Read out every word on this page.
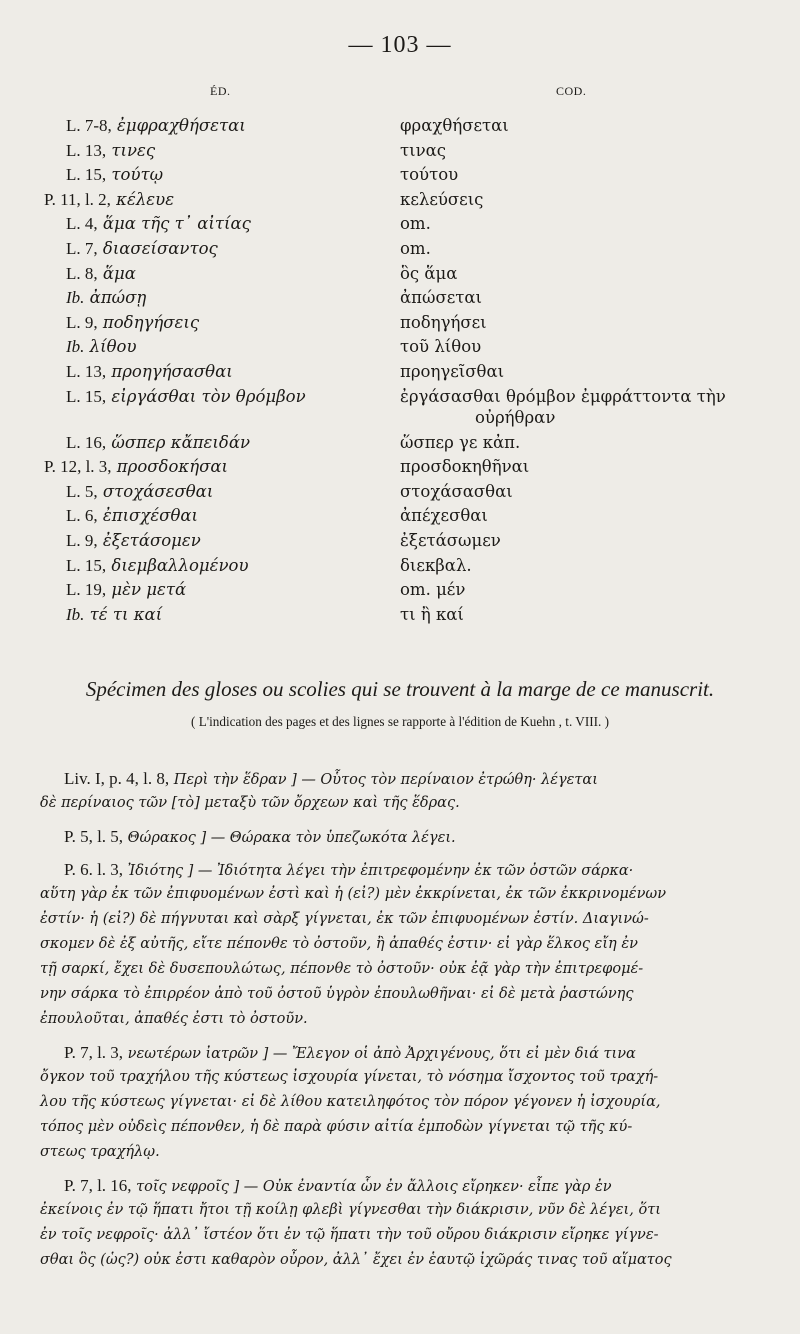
— 103 —
ÉD.	COD.
L. 7-8, ἐμφραχθήσεται	φραχθήσεται
L. 13, τινες	τινας
L. 15, τούτῳ	τούτου
P. 11, l. 2, κέλευε	κελεύσεις
L. 4, ἅμα τῆς τ᾽ αἰτίας	om.
L. 7, διασείσαντος	om.
L. 8, ἅμα	ὃς ἅμα
Ib. ἀπώσῃ	ἀπώσεται
L. 9, ποδηγήσεις	ποδηγήσει
Ib. λίθου	τοῦ λίθου
L. 13, προηγήσασθαι	προηγεῖσθαι
L. 15, εἰργάσθαι τὸν θρόμβον	ἐργάσασθαι θρόμβον ἐμφράττοντα τὴν
οὐρήθραν
L. 16, ὥσπερ κἄπειδάν	ὥσπερ γε κἀπ.
P. 12, l. 3, προσδοκήσαι	προσδοκηθῆναι
L. 5, στοχάσεσθαι	στοχάσασθαι
L. 6, ἐπισχέσθαι	ἀπέχεσθαι
L. 9, ἐξετάσομεν	ἐξετάσωμεν
L. 15, διεμβαλλομένου	διεκβαλ.
L. 19, μὲν μετά	om. μέν
Ib. τέ τι καί	τι ἢ καί
Spécimen des gloses ou scolies qui se trouvent à la marge de ce manuscrit.
( L'indication des pages et des lignes se rapporte à l'édition de Kuehn , t. VIII. )
Liv. I, p. 4, l. 8, Περὶ τὴν ἕδραν ] — Οὗτος τὸν περίναιον ἐτρώθη· λέγεται
δὲ περίναιος τῶν [τὸ] μεταξὺ τῶν ὄρχεων καὶ τῆς ἕδρας.
P. 5, l. 5, Θώρακος ] — Θώρακα τὸν ὑπεζωκότα λέγει.
P. 6. l. 3, Ἰδιότης ] — Ἰδιότητα λέγει τὴν ἐπιτρεφομένην ἐκ τῶν ὀστῶν σάρκα·
αὕτη γὰρ ἐκ τῶν ἐπιφυομένων ἐστὶ καὶ ἡ (εἰ?) μὲν ἐκκρίνεται, ἐκ τῶν ἐκκρινομένων
ἐστίν· ἡ (εἰ?) δὲ πήγνυται καὶ σὰρξ γίγνεται, ἐκ τῶν ἐπιφυομένων ἐστίν. Διαγινώ-
σκομεν δὲ ἐξ αὐτῆς, εἴτε πέπονθε τὸ ὀστοῦν, ἢ ἀπαθές ἐστιν· εἰ γὰρ ἕλκος εἴη ἐν
τῇ σαρκί, ἔχει δὲ δυσεπουλώτως, πέπονθε τὸ ὀστοῦν· οὐκ ἐᾷ γὰρ τὴν ἐπιτρεφομέ-
νην σάρκα τὸ ἐπιρρέον ἀπὸ τοῦ ὀστοῦ ὑγρὸν ἐπουλωθῆναι· εἰ δὲ μετὰ ῥαστώνης
ἐπουλοῦται, ἀπαθές ἐστι τὸ ὀστοῦν.
P. 7, l. 3, νεωτέρων ἰατρῶν ] — Ἔλεγον οἱ ἀπὸ Ἀρχιγένους, ὅτι εἰ μὲν διά τινα
ὄγκον τοῦ τραχήλου τῆς κύστεως ἰσχουρία γίνεται, τὸ νόσημα ἴσχοντος τοῦ τραχή-
λου τῆς κύστεως γίγνεται· εἰ δὲ λίθου κατειληφότος τὸν πόρον γέγονεν ἡ ἰσχουρία,
τόπος μὲν οὐδεὶς πέπονθεν, ἡ δὲ παρὰ φύσιν αἰτία ἐμποδὼν γίγνεται τῷ τῆς κύ-
στεως τραχήλῳ.
P. 7, l. 16, τοῖς νεφροῖς ] — Οὐκ ἐναντία ὧν ἐν ἄλλοις εἴρηκεν· εἶπε γὰρ ἐν
ἐκείνοις ἐν τῷ ἥπατι ἤτοι τῇ κοίλῃ φλεβὶ γίγνεσθαι τὴν διάκρισιν, νῦν δὲ λέγει, ὅτι
ἐν τοῖς νεφροῖς· ἀλλ᾽ ἴστέον ὅτι ἐν τῷ ἥπατι τὴν τοῦ οὔρου διάκρισιν εἴρηκε γίγνε-
σθαι ὃς (ὡς?) οὐκ ἐστι καθαρὸν οὖρον, ἀλλ᾽ ἔχει ἐν ἑαυτῷ ἰχῶράς τινας τοῦ αἵματος
